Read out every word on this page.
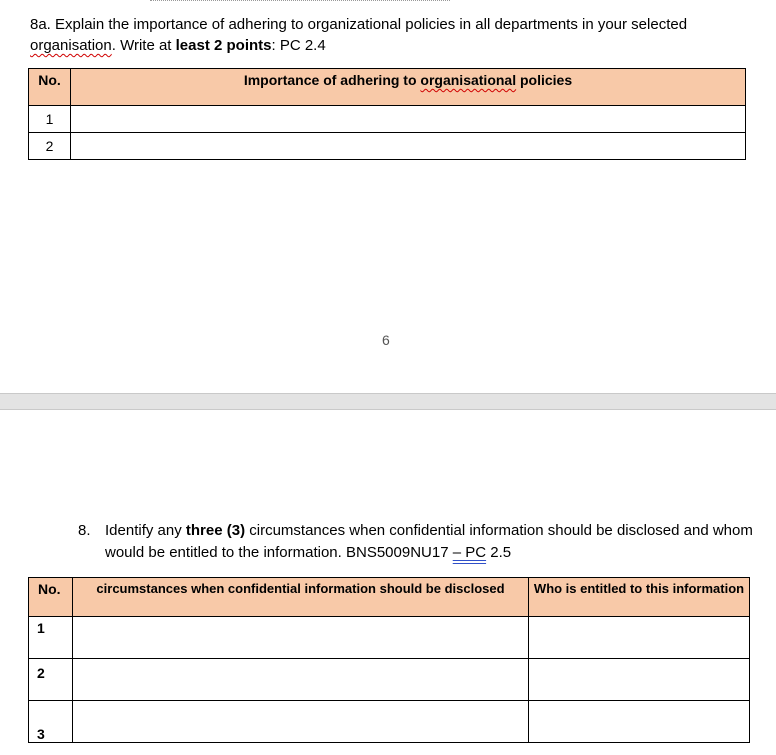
8a. Explain the importance of adhering to organizational policies in all departments in your selected organisation. Write at least 2 points: PC 2.4

No.	Importance of adhering to organisational policies
1	
2	
6
8. Identify any three (3) circumstances when confidential information should be disclosed and whom would be entitled to the information. BNS5009NU17 – PC 2.5

No.	circumstances when confidential information should be disclosed	Who is entitled to this information
1		
2		
3		
